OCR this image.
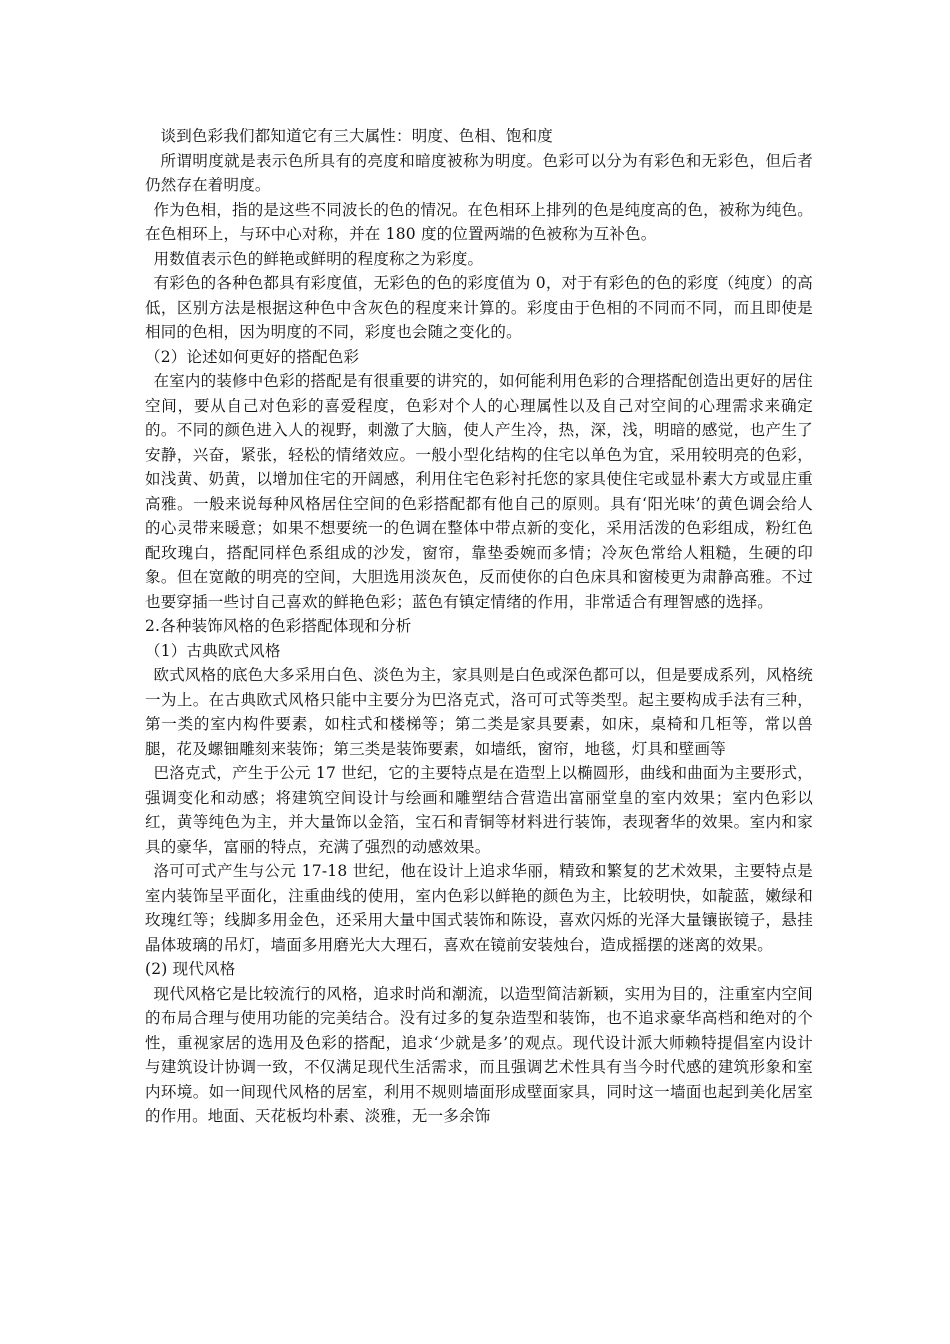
谈到色彩我们都知道它有三大属性：明度、色相、饱和度

所谓明度就是表示色所具有的亮度和暗度被称为明度。色彩可以分为有彩色和无彩色，但后者仍然存在着明度。

作为色相，指的是这些不同波长的色的情况。在色相环上排列的色是纯度高的色，被称为纯色。在色相环上，与环中心对称，并在 180 度的位置两端的色被称为互补色。

用数值表示色的鲜艳或鲜明的程度称之为彩度。

有彩色的各种色都具有彩度值，无彩色的色的彩度值为 0，对于有彩色的色的彩度（纯度）的高低，区别方法是根据这种色中含灰色的程度来计算的。彩度由于色相的不同而不同，而且即使是相同的色相，因为明度的不同，彩度也会随之变化的。

（2）论述如何更好的搭配色彩

在室内的装修中色彩的搭配是有很重要的讲究的，如何能利用色彩的合理搭配创造出更好的居住空间，要从自己对色彩的喜爱程度，色彩对个人的心理属性以及自己对空间的心理需求来确定的。不同的颜色进入人的视野，刺激了大脑，使人产生冷，热，深，浅，明暗的感觉，也产生了安静，兴奋，紧张，轻松的情绪效应。一般小型化结构的住宅以单色为宜，采用较明亮的色彩，如浅黄、奶黄，以增加住宅的开阔感，利用住宅色彩衬托您的家具使住宅或显朴素大方或显庄重高雅。一般来说每种风格居住空间的色彩搭配都有他自己的原则。具有‘阳光味’的黄色调会给人的心灵带来暖意；如果不想要统一的色调在整体中带点新的变化，采用活泼的色彩组成，粉红色配玫瑰白，搭配同样色系组成的沙发，窗帘，靠垫委婉而多情；冷灰色常给人粗糙，生硬的印象。但在宽敞的明亮的空间，大胆选用淡灰色，反而使你的白色床具和窗棱更为肃静高雅。不过也要穿插一些讨自己喜欢的鲜艳色彩；蓝色有镇定情绪的作用，非常适合有理智感的选择。

2.各种装饰风格的色彩搭配体现和分析

（1）古典欧式风格

欧式风格的底色大多采用白色、淡色为主，家具则是白色或深色都可以，但是要成系列，风格统一为上。在古典欧式风格只能中主要分为巴洛克式，洛可可式等类型。起主要构成手法有三种，第一类的室内构件要素，如柱式和楼梯等；第二类是家具要素，如床，桌椅和几柜等，常以兽腿，花及螺钿雕刻来装饰；第三类是装饰要素，如墙纸，窗帘，地毯，灯具和壁画等

巴洛克式，产生于公元 17 世纪，它的主要特点是在造型上以椭圆形，曲线和曲面为主要形式，强调变化和动感；将建筑空间设计与绘画和雕塑结合营造出富丽堂皇的室内效果；室内色彩以红，黄等纯色为主，并大量饰以金箔，宝石和青铜等材料进行装饰，表现奢华的效果。室内和家具的豪华，富丽的特点，充满了强烈的动感效果。

洛可可式产生与公元 17-18 世纪，他在设计上追求华丽，精致和繁复的艺术效果，主要特点是室内装饰呈平面化，注重曲线的使用，室内色彩以鲜艳的颜色为主，比较明快，如靛蓝，嫩绿和玫瑰红等；线脚多用金色，还采用大量中国式装饰和陈设，喜欢闪烁的光泽大量镶嵌镜子，悬挂晶体玻璃的吊灯，墙面多用磨光大大理石，喜欢在镜前安装烛台，造成摇摆的迷离的效果。

(2) 现代风格

现代风格它是比较流行的风格，追求时尚和潮流，以造型简洁新颖，实用为目的，注重室内空间的布局合理与使用功能的完美结合。没有过多的复杂造型和装饰，也不追求豪华高档和绝对的个性，重视家居的选用及色彩的搭配，追求‘少就是多’的观点。现代设计派大师赖特提倡室内设计与建筑设计协调一致，不仅满足现代生活需求，而且强调艺术性具有当今时代感的建筑形象和室内环境。如一间现代风格的居室，利用不规则墙面形成壁面家具，同时这一墙面也起到美化居室的作用。地面、天花板均朴素、淡雅，无一多余饰
